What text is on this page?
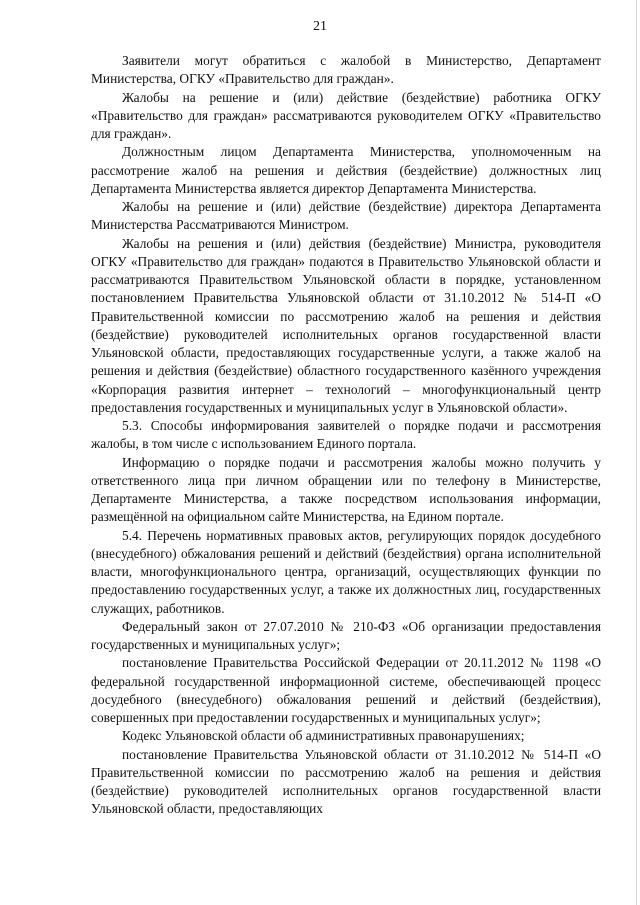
21

Заявители могут обратиться с жалобой в Министерство, Департамент Министерства, ОГКУ «Правительство для граждан».

Жалобы на решение и (или) действие (бездействие) работника ОГКУ «Правительство для граждан» рассматриваются руководителем ОГКУ «Правительство для граждан».

Должностным лицом Департамента Министерства, уполномоченным на рассмотрение жалоб на решения и действия (бездействие) должностных лиц Департамента Министерства является директор Департамента Министерства.

Жалобы на решение и (или) действие (бездействие) директора Департамента Министерства Рассматриваются Министром.

Жалобы на решения и (или) действия (бездействие) Министра, руководителя ОГКУ «Правительство для граждан» подаются в Правительство Ульяновской области и рассматриваются Правительством Ульяновской области в порядке, установленном постановлением Правительства Ульяновской области от 31.10.2012 № 514-П «О Правительственной комиссии по рассмотрению жалоб на решения и действия (бездействие) руководителей исполнительных органов государственной власти Ульяновской области, предоставляющих государственные услуги, а также жалоб на решения и действия (бездействие) областного государственного казённого учреждения «Корпорация развития интернет – технологий – многофункциональный центр предоставления государственных и муниципальных услуг в Ульяновской области».

5.3. Способы информирования заявителей о порядке подачи и рассмотрения жалобы, в том числе с использованием Единого портала.

Информацию о порядке подачи и рассмотрения жалобы можно получить у ответственного лица при личном обращении или по телефону в Министерстве, Департаменте Министерства, а также посредством использования информации, размещённой на официальном сайте Министерства, на Едином портале.

5.4. Перечень нормативных правовых актов, регулирующих порядок досудебного (внесудебного) обжалования решений и действий (бездействия) органа исполнительной власти, многофункционального центра, организаций, осуществляющих функции по предоставлению государственных услуг, а также их должностных лиц, государственных служащих, работников.

Федеральный закон от 27.07.2010 № 210-ФЗ «Об организации предоставления государственных и муниципальных услуг»;

постановление Правительства Российской Федерации от 20.11.2012 № 1198 «О федеральной государственной информационной системе, обеспечивающей процесс досудебного (внесудебного) обжалования решений и действий (бездействия), совершенных при предоставлении государственных и муниципальных услуг»;

Кодекс Ульяновской области об административных правонарушениях;

постановление Правительства Ульяновской области от 31.10.2012 № 514-П «О Правительственной комиссии по рассмотрению жалоб на решения и действия (бездействие) руководителей исполнительных органов государственной власти Ульяновской области, предоставляющих
